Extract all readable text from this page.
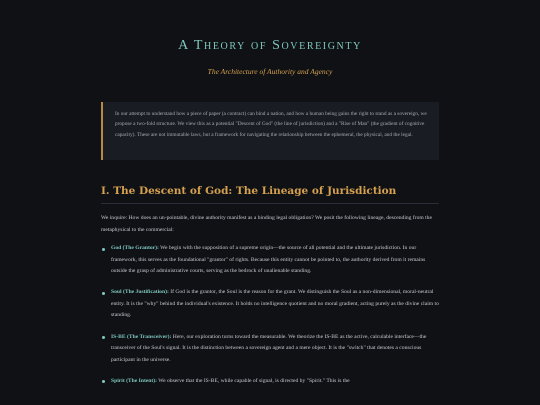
A Theory of Sovereignty
The Architecture of Authority and Agency
In our attempt to understand how a piece of paper (a contract) can bind a nation, and how a human being gains the right to stand as a sovereign, we propose a two-fold structure. We view this as a potential "Descent of God" (the line of jurisdiction) and a "Rise of Man" (the gradient of cognitive capacity). These are not immutable laws, but a framework for navigating the relationship between the ephemeral, the physical, and the legal.
I. The Descent of God: The Lineage of Jurisdiction

We inquire: How does an un-pointable, divine authority manifest as a binding legal obligation? We posit the following lineage, descending from the metaphysical to the commercial:

God (The Grantor): We begin with the supposition of a supreme origin—the source of all potential and the ultimate jurisdiction. In our framework, this serves as the foundational "grantor" of rights. Because this entity cannot be pointed to, the authority derived from it remains outside the grasp of administrative courts, serving as the bedrock of unalienable standing.
Soul (The Justification): If God is the grantor, the Soul is the reason for the grant. We distinguish the Soul as a non-dimensional, moral-neutral entity. It is the "why" behind the individual's existence. It holds no intelligence quotient and no moral gradient, acting purely as the divine claim to standing.
IS-BE (The Transceiver): Here, our exploration turns toward the measurable. We theorize the IS-BE as the active, calculable interface—the transceiver of the Soul's signal. It is the distinction between a sovereign agent and a mere object. It is the "switch" that denotes a conscious participant in the universe.
Spirit (The Intent): We observe that the IS-BE, while capable of signal, is directed by "Spirit." This is the
